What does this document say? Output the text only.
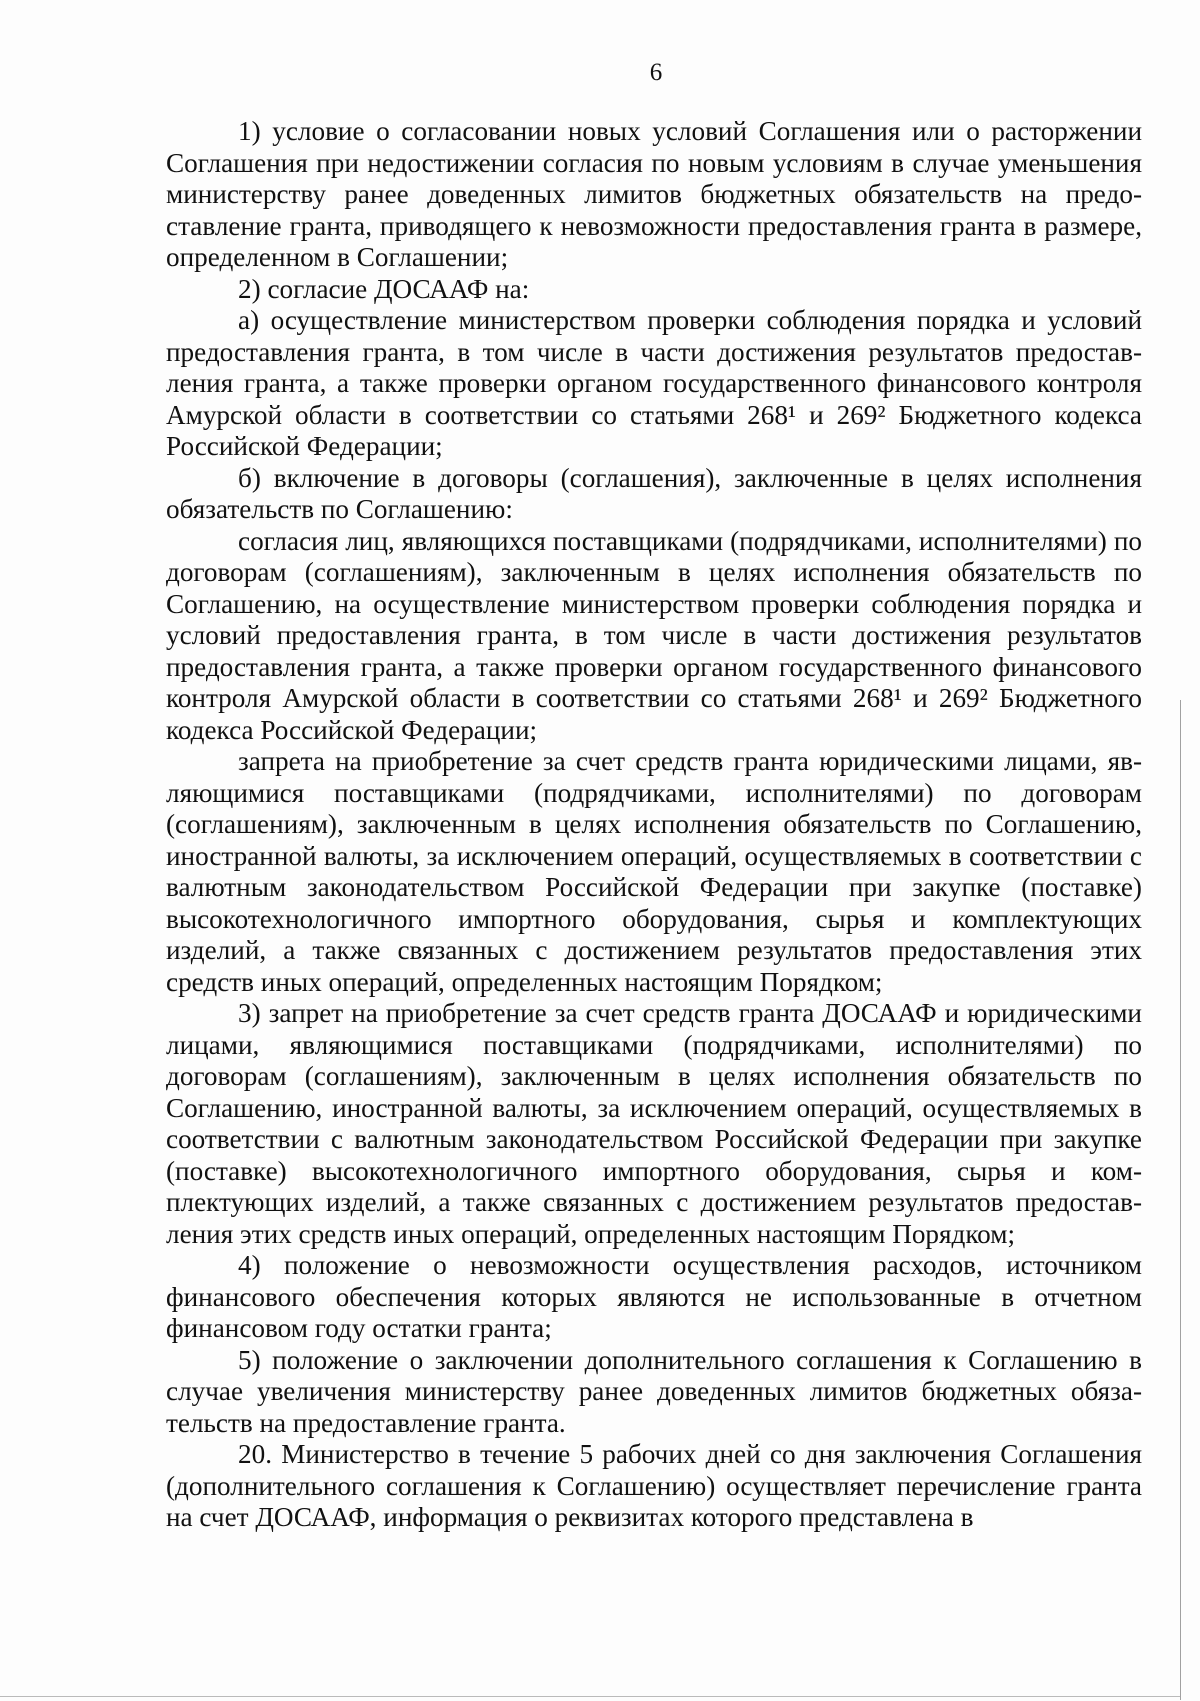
6

1) условие о согласовании новых условий Соглашения или о расторжении Соглашения при недостижении согласия по новым условиям в случае уменьшения министерству ранее доведенных лимитов бюджетных обязательств на предоставление гранта, приводящего к невозможности предоставления гранта в размере, определенном в Соглашении;

2) согласие ДОСААФ на:

а) осуществление министерством проверки соблюдения порядка и условий предоставления гранта, в том числе в части достижения результатов предоставления гранта, а также проверки органом государственного финансового контроля Амурской области в соответствии со статьями 268¹ и 269² Бюджетного кодекса Российской Федерации;

б) включение в договоры (соглашения), заключенные в целях исполнения обязательств по Соглашению:

согласия лиц, являющихся поставщиками (подрядчиками, исполнителями) по договорам (соглашениям), заключенным в целях исполнения обязательств по Соглашению, на осуществление министерством проверки соблюдения порядка и условий предоставления гранта, в том числе в части достижения результатов предоставления гранта, а также проверки органом государственного финансового контроля Амурской области в соответствии со статьями 268¹ и 269² Бюджетного кодекса Российской Федерации;

запрета на приобретение за счет средств гранта юридическими лицами, являющимися поставщиками (подрядчиками, исполнителями) по договорам (соглашениям), заключенным в целях исполнения обязательств по Соглашению, иностранной валюты, за исключением операций, осуществляемых в соответствии с валютным законодательством Российской Федерации при закупке (поставке) высокотехнологичного импортного оборудования, сырья и комплектующих изделий, а также связанных с достижением результатов предоставления этих средств иных операций, определенных настоящим Порядком;

3) запрет на приобретение за счет средств гранта ДОСААФ и юридическими лицами, являющимися поставщиками (подрядчиками, исполнителями) по договорам (соглашениям), заключенным в целях исполнения обязательств по Соглашению, иностранной валюты, за исключением операций, осуществляемых в соответствии с валютным законодательством Российской Федерации при закупке (поставке) высокотехнологичного импортного оборудования, сырья и комплектующих изделий, а также связанных с достижением результатов предоставления этих средств иных операций, определенных настоящим Порядком;

4) положение о невозможности осуществления расходов, источником финансового обеспечения которых являются не использованные в отчетном финансовом году остатки гранта;

5) положение о заключении дополнительного соглашения к Соглашению в случае увеличения министерству ранее доведенных лимитов бюджетных обязательств на предоставление гранта.

20. Министерство в течение 5 рабочих дней со дня заключения Соглашения (дополнительного соглашения к Соглашению) осуществляет перечисление гранта на счет ДОСААФ, информация о реквизитах которого представлена в
